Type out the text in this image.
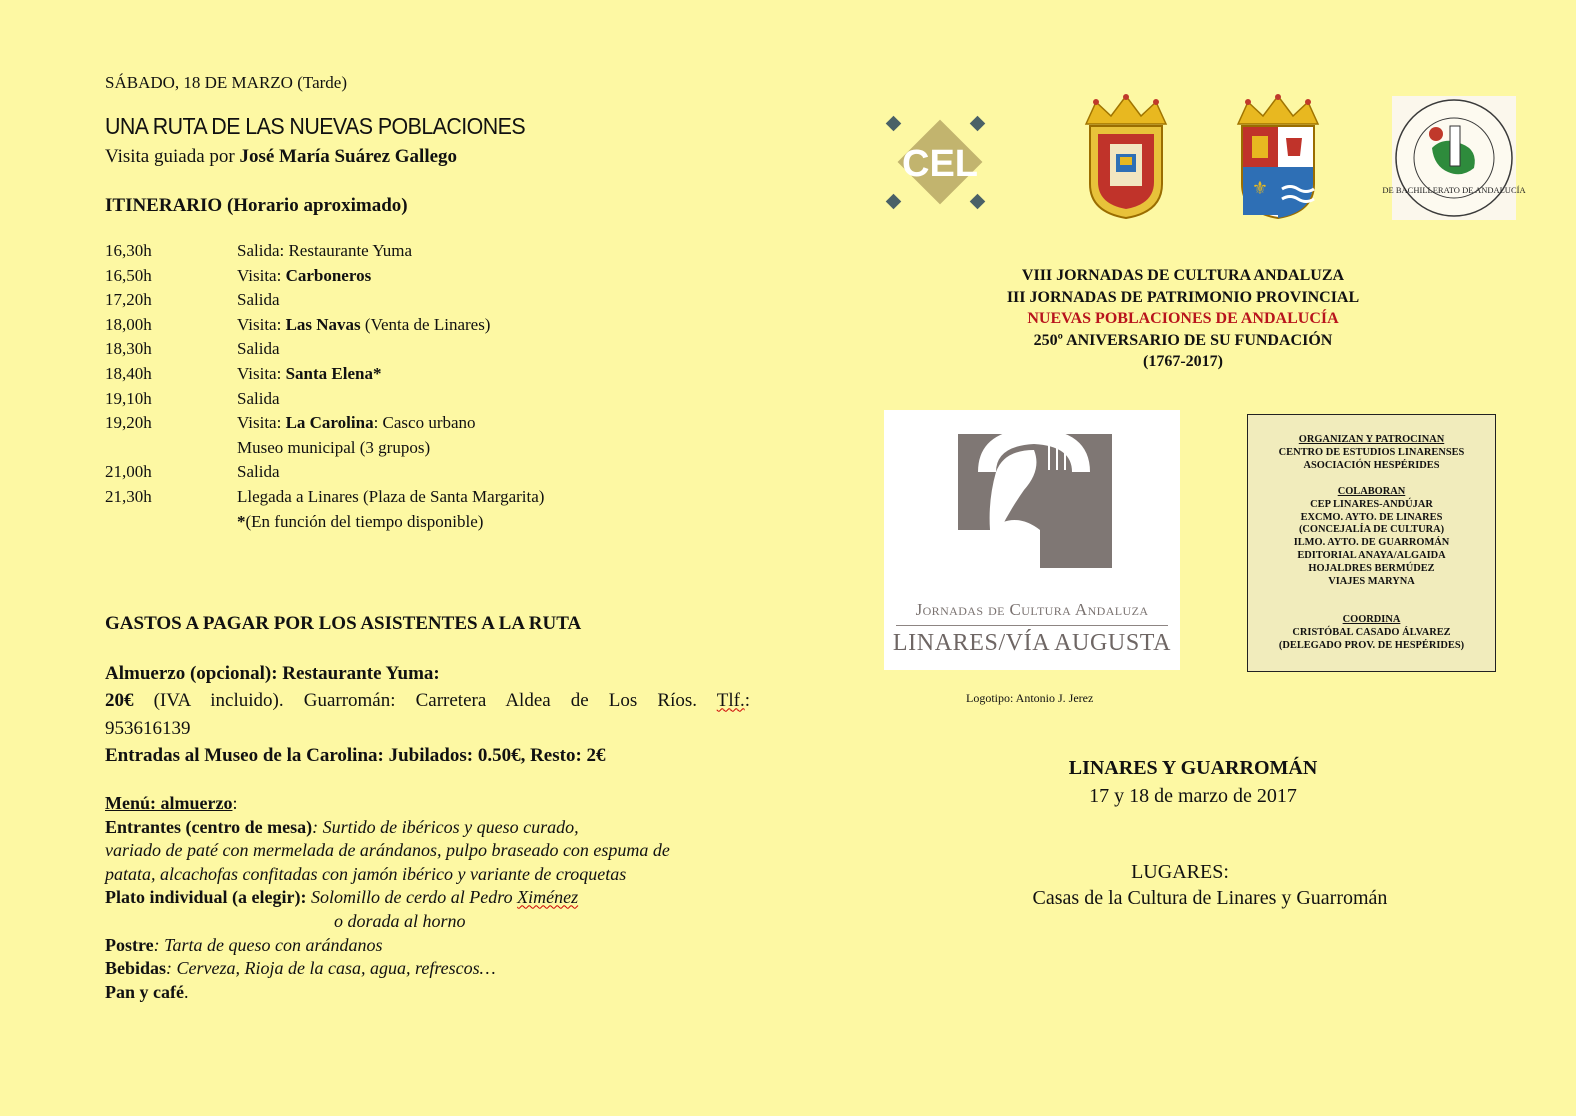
SÁBADO, 18 DE MARZO (Tarde)
UNA RUTA DE LAS NUEVAS POBLACIONES
Visita guiada por José María Suárez Gallego
ITINERARIO (Horario aproximado)
16,30h	Salida: Restaurante Yuma
16,50h	Visita: Carboneros
17,20h	Salida
18,00h	Visita: Las Navas (Venta de Linares)
18,30h	Salida
18,40h	Visita: Santa Elena*
19,10h	Salida
19,20h	Visita: La Carolina: Casco urbano
Museo municipal (3 grupos)
21,00h	Salida
21,30h	Llegada a Linares (Plaza de Santa Margarita)
*(En función del tiempo disponible)
GASTOS A PAGAR POR LOS ASISTENTES A LA RUTA

Almuerzo (opcional): Restaurante Yuma:

20€ (IVA incluido). Guarromán: Carretera Aldea de Los Ríos. Tlf.:

953616139

Entradas al Museo de la Carolina: Jubilados: 0.50€, Resto: 2€

Menú: almuerzo:

Entrantes (centro de mesa): Surtido de ibéricos y queso curado,

variado de paté con mermelada de arándanos, pulpo braseado con espuma de

patata, alcachofas confitadas con jamón ibérico y variante de croquetas

Plato individual (a elegir): Solomillo de cerdo al Pedro Ximénez

o dorada al horno

Postre: Tarta de queso con arándanos

Bebidas: Cerveza, Rioja de la casa, agua, refrescos…

Pan y café.

CEL
⚜	DE BACHILLERATO DE ANDALUCÍA
VIII JORNADAS DE CULTURA ANDALUZA
III JORNADAS DE PATRIMONIO PROVINCIAL
NUEVAS POBLACIONES DE ANDALUCÍA
250º ANIVERSARIO DE SU FUNDACIÓN
(1767-2017)
Jornadas de Cultura Andaluza
LINARES/VÍA AUGUSTA
Logotipo: Antonio J. Jerez
ORGANIZAN Y PATROCINAN
CENTRO DE ESTUDIOS LINARENSES
ASOCIACIÓN HESPÉRIDES
COLABORAN
CEP LINARES-ANDÚJAR
EXCMO. AYTO. DE LINARES
(CONCEJALÍA DE CULTURA)
ILMO. AYTO. DE GUARROMÁN
EDITORIAL ANAYA/ALGAIDA
HOJALDRES BERMÚDEZ
VIAJES MARYNA
COORDINA
CRISTÓBAL CASADO ÁLVAREZ
(DELEGADO PROV. DE HESPÉRIDES)
LINARES Y GUARROMÁN
17 y 18 de marzo de 2017
LUGARES:
Casas de la Cultura de Linares y Guarromán
